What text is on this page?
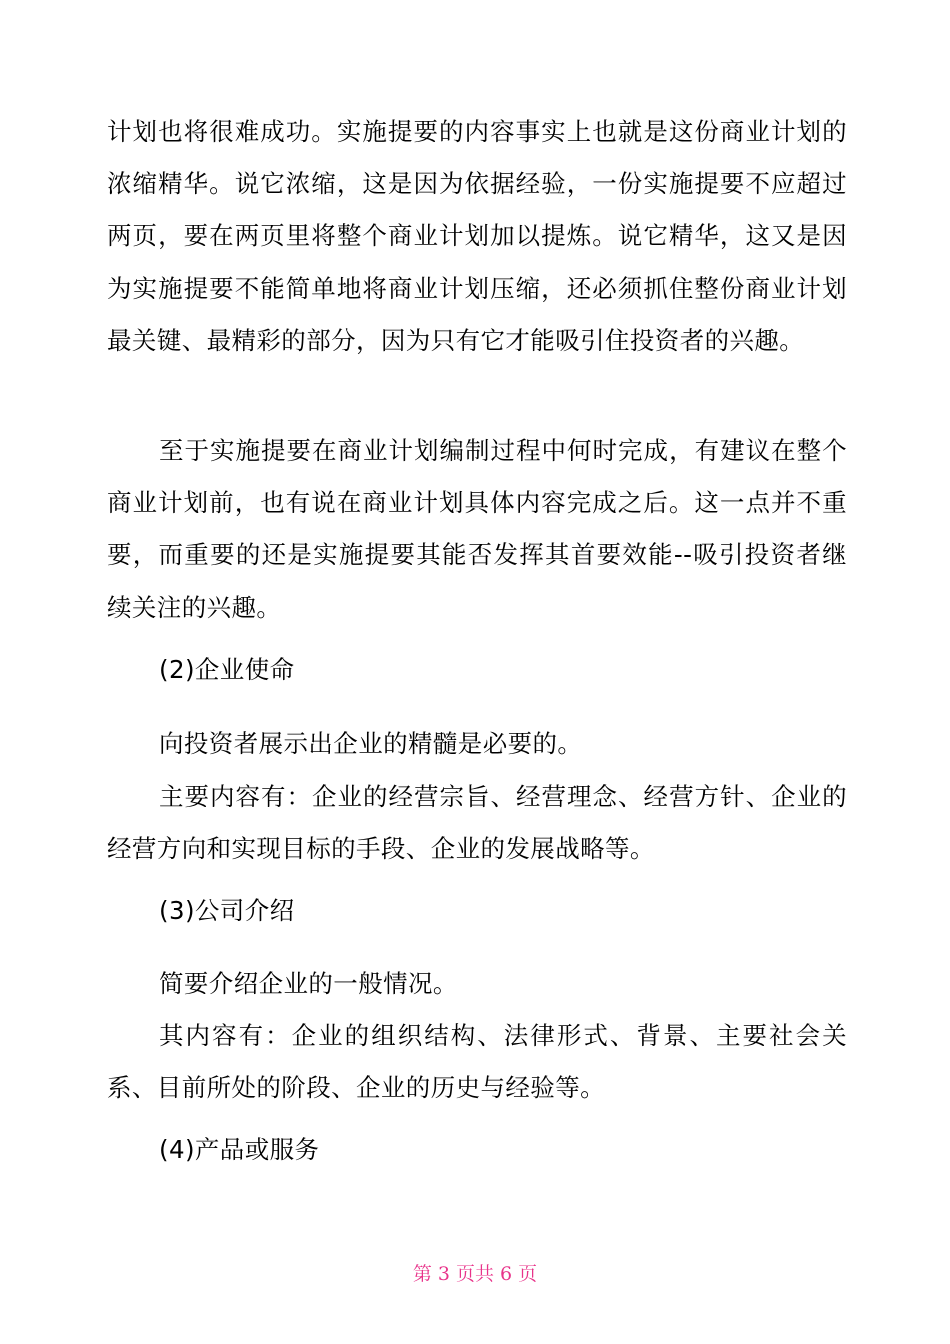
计划也将很难成功。实施提要的内容事实上也就是这份商业计划的浓缩精华。说它浓缩，这是因为依据经验，一份实施提要不应超过两页，要在两页里将整个商业计划加以提炼。说它精华，这又是因为实施提要不能简单地将商业计划压缩，还必须抓住整份商业计划最关键、最精彩的部分，因为只有它才能吸引住投资者的兴趣。

至于实施提要在商业计划编制过程中何时完成，有建议在整个商业计划前，也有说在商业计划具体内容完成之后。这一点并不重要，而重要的还是实施提要其能否发挥其首要效能--吸引投资者继续关注的兴趣。

(2)企业使命

向投资者展示出企业的精髓是必要的。

主要内容有：企业的经营宗旨、经营理念、经营方针、企业的经营方向和实现目标的手段、企业的发展战略等。

(3)公司介绍

简要介绍企业的一般情况。

其内容有：企业的组织结构、法律形式、背景、主要社会关系、目前所处的阶段、企业的历史与经验等。

(4)产品或服务

第 3 页共 6 页
